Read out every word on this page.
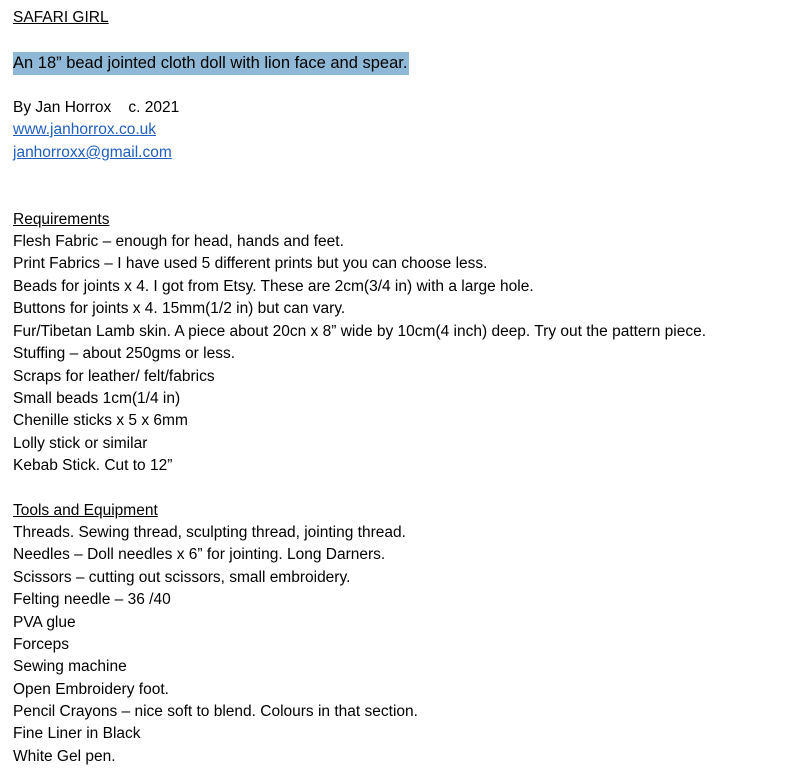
SAFARI GIRL
An 18” bead jointed cloth doll with lion face and spear.
By Jan Horrox    c. 2021
www.janhorrox.co.uk
janhorroxx@gmail.com
Requirements
Flesh Fabric – enough for head, hands and feet.
Print Fabrics – I have used 5 different prints but you can choose less.
Beads for joints x 4. I got from Etsy. These are 2cm(3/4 in) with a large hole.
Buttons for joints x 4. 15mm(1/2 in) but can vary.
Fur/Tibetan Lamb skin. A piece about 20cn x 8” wide by 10cm(4 inch) deep. Try out the pattern piece.
Stuffing – about 250gms or less.
Scraps for leather/ felt/fabrics
Small beads 1cm(1/4 in)
Chenille sticks x 5 x 6mm
Lolly stick or similar
Kebab Stick. Cut to 12”
Tools and Equipment
Threads. Sewing thread, sculpting thread, jointing thread.
Needles – Doll needles x 6” for jointing. Long Darners.
Scissors – cutting out scissors, small embroidery.
Felting needle – 36 /40
PVA glue
Forceps
Sewing machine
Open Embroidery foot.
Pencil Crayons – nice soft to blend. Colours in that section.
Fine Liner in Black
White Gel pen.
